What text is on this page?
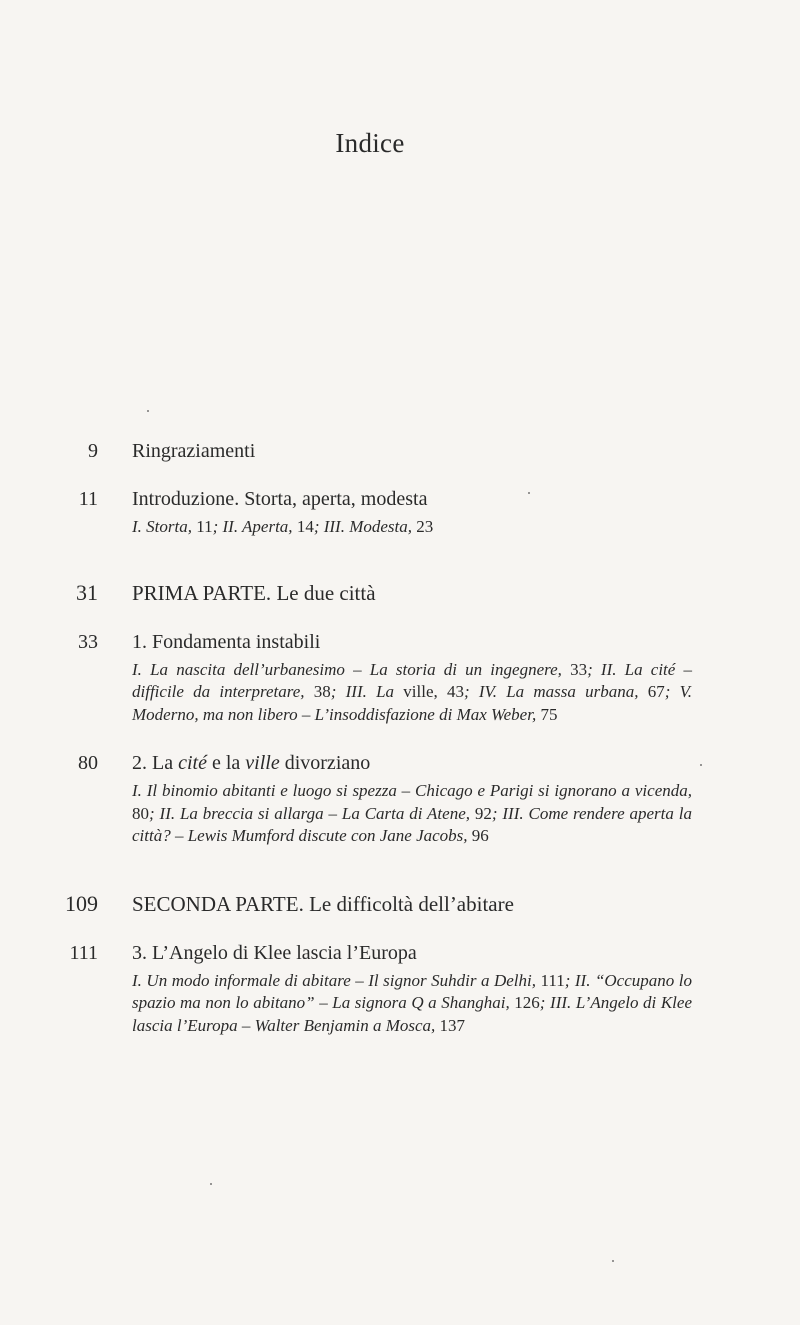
Indice
9 Ringraziamenti
11 Introduzione. Storta, aperta, modesta
I. Storta, 11; II. Aperta, 14; III. Modesta, 23
31 PRIMA PARTE. Le due città
33 1. Fondamenta instabili
I. La nascita dell’urbanesimo – La storia di un ingegnere, 33; II. La cité – difficile da interpretare, 38; III. La ville, 43; IV. La massa urbana, 67; V. Moderno, ma non libero – L’insoddisfazione di Max Weber, 75
80 2. La cité e la ville divorziano
I. Il binomio abitanti e luogo si spezza – Chicago e Parigi si ignorano a vicenda, 80; II. La breccia si allarga – La Carta di Atene, 92; III. Come rendere aperta la città? – Lewis Mumford discute con Jane Jacobs, 96
109 SECONDA PARTE. Le difficoltà dell’abitare
111 3. L’Angelo di Klee lascia l’Europa
I. Un modo informale di abitare – Il signor Suhdir a Delhi, 111; II. “Occupano lo spazio ma non lo abitano” – La signora Q a Shanghai, 126; III. L’Angelo di Klee lascia l’Europa – Walter Benjamin a Mosca, 137
